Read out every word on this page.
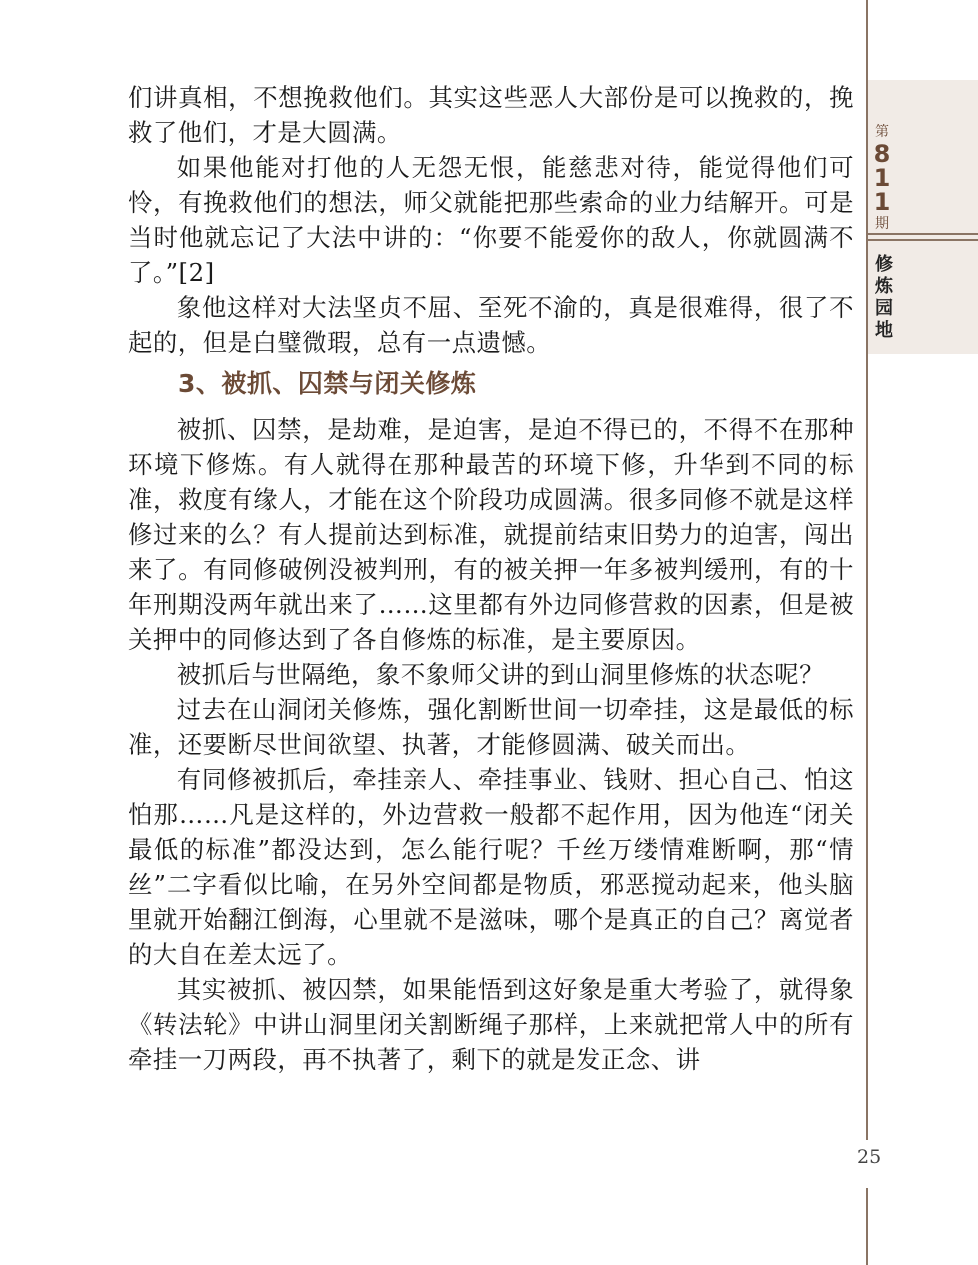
第
8
1
1
期
修
炼
园
地

们讲真相，不想挽救他们。其实这些恶人大部份是可以挽救的，挽救了他们，才是大圆满。

如果他能对打他的人无怨无恨，能慈悲对待，能觉得他们可怜，有挽救他们的想法，师父就能把那些索命的业力结解开。可是当时他就忘记了大法中讲的：“你要不能爱你的敌人，你就圆满不了。”[2]

象他这样对大法坚贞不屈、至死不渝的，真是很难得，很了不起的，但是白璧微瑕，总有一点遗憾。

3、被抓、囚禁与闭关修炼

被抓、囚禁，是劫难，是迫害，是迫不得已的，不得不在那种环境下修炼。有人就得在那种最苦的环境下修，升华到不同的标准，救度有缘人，才能在这个阶段功成圆满。很多同修不就是这样修过来的么？有人提前达到标准，就提前结束旧势力的迫害，闯出来了。有同修破例没被判刑，有的被关押一年多被判缓刑，有的十年刑期没两年就出来了……这里都有外边同修营救的因素，但是被关押中的同修达到了各自修炼的标准，是主要原因。

被抓后与世隔绝，象不象师父讲的到山洞里修炼的状态呢？

过去在山洞闭关修炼，强化割断世间一切牵挂，这是最低的标准，还要断尽世间欲望、执著，才能修圆满、破关而出。

有同修被抓后，牵挂亲人、牵挂事业、钱财、担心自己、怕这怕那……凡是这样的，外边营救一般都不起作用，因为他连“闭关最低的标准”都没达到，怎么能行呢？千丝万缕情难断啊，那“情丝”二字看似比喻，在另外空间都是物质，邪恶搅动起来，他头脑里就开始翻江倒海，心里就不是滋味，哪个是真正的自己？离觉者的大自在差太远了。

其实被抓、被囚禁，如果能悟到这好象是重大考验了，就得象《转法轮》中讲山洞里闭关割断绳子那样，上来就把常人中的所有牵挂一刀两段，再不执著了，剩下的就是发正念、讲

25
